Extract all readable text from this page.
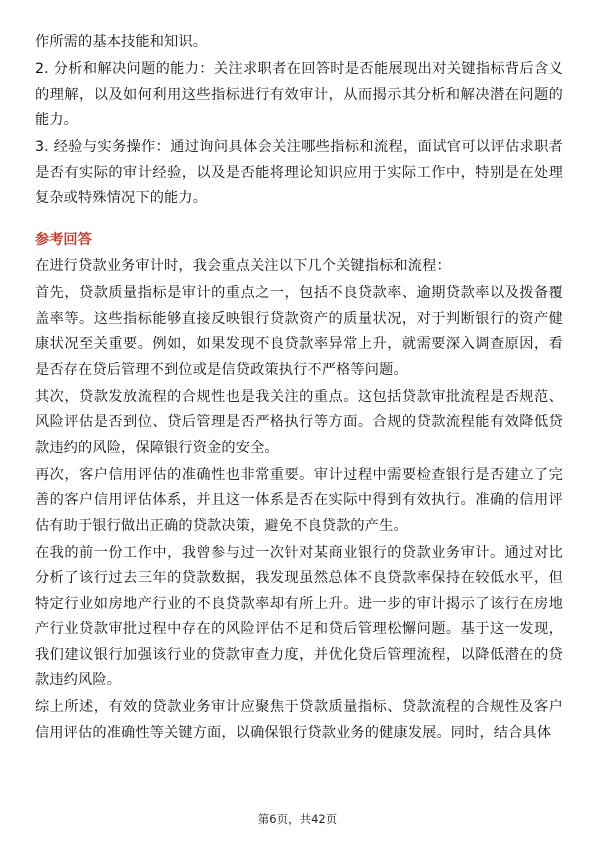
作所需的基本技能和知识。

2. 分析和解决问题的能力：关注求职者在回答时是否能展现出对关键指标背后含义的理解，以及如何利用这些指标进行有效审计，从而揭示其分析和解决潜在问题的能力。

3. 经验与实务操作：通过询问具体会关注哪些指标和流程，面试官可以评估求职者是否有实际的审计经验，以及是否能将理论知识应用于实际工作中，特别是在处理复杂或特殊情况下的能力。

参考回答

在进行贷款业务审计时，我会重点关注以下几个关键指标和流程：

首先，贷款质量指标是审计的重点之一，包括不良贷款率、逾期贷款率以及拨备覆盖率等。这些指标能够直接反映银行贷款资产的质量状况，对于判断银行的资产健康状况至关重要。例如，如果发现不良贷款率异常上升，就需要深入调查原因，看是否存在贷后管理不到位或是信贷政策执行不严格等问题。

其次，贷款发放流程的合规性也是我关注的重点。这包括贷款审批流程是否规范、风险评估是否到位、贷后管理是否严格执行等方面。合规的贷款流程能有效降低贷款违约的风险，保障银行资金的安全。

再次，客户信用评估的准确性也非常重要。审计过程中需要检查银行是否建立了完善的客户信用评估体系，并且这一体系是否在实际中得到有效执行。准确的信用评估有助于银行做出正确的贷款决策，避免不良贷款的产生。

在我的前一份工作中，我曾参与过一次针对某商业银行的贷款业务审计。通过对比分析了该行过去三年的贷款数据，我发现虽然总体不良贷款率保持在较低水平，但特定行业如房地产行业的不良贷款率却有所上升。进一步的审计揭示了该行在房地产行业贷款审批过程中存在的风险评估不足和贷后管理松懈问题。基于这一发现，我们建议银行加强该行业的贷款审查力度，并优化贷后管理流程，以降低潜在的贷款违约风险。

综上所述，有效的贷款业务审计应聚焦于贷款质量指标、贷款流程的合规性及客户信用评估的准确性等关键方面，以确保银行贷款业务的健康发展。同时，结合具体

第6页，共42页
